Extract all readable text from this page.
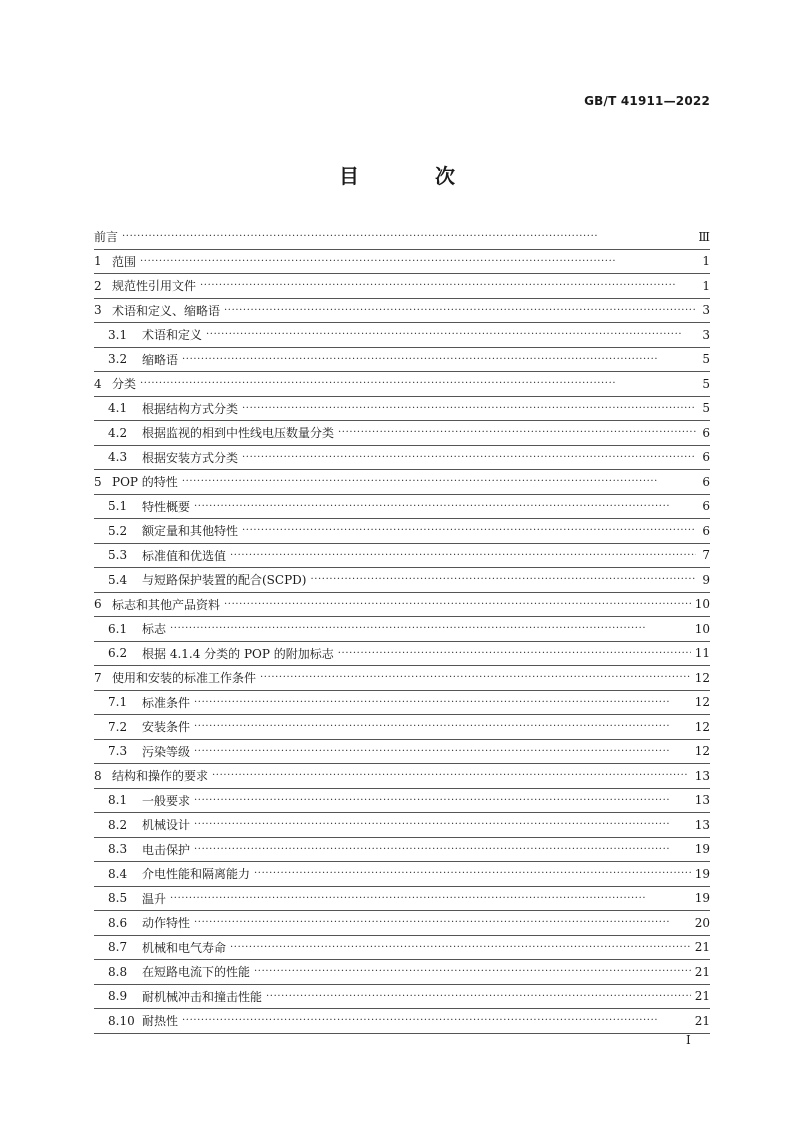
GB/T 41911—2022
目　次
前言 ·····	Ⅲ
1 范围 ·····	1
2 规范性引用文件 ·····	1
3 术语和定义、缩略语 ·····	3
3.1	术语和定义 ·····	3
3.2	缩略语 ·····	5
4 分类 ·····	5
4.1	根据结构方式分类 ·····	5
4.2	根据监视的相到中性线电压数量分类 ·····	6
4.3	根据安装方式分类 ·····	6
5 POP 的特性 ·····	6
5.1	特性概要 ·····	6
5.2	额定量和其他特性 ·····	6
5.3	标准值和优选值 ·····	7
5.4	与短路保护装置的配合(SCPD) ·····	9
6 标志和其他产品资料 ·····	10
6.1	标志 ·····	10
6.2	根据 4.1.4 分类的 POP 的附加标志 ·····	11
7 使用和安装的标准工作条件 ·····	12
7.1	标准条件 ·····	12
7.2	安装条件 ·····	12
7.3	污染等级 ·····	12
8 结构和操作的要求 ·····	13
8.1	一般要求 ·····	13
8.2	机械设计 ·····	13
8.3	电击保护 ·····	19
8.4	介电性能和隔离能力 ·····	19
8.5	温升 ·····	19
8.6	动作特性 ·····	20
8.7	机械和电气寿命 ·····	21
8.8	在短路电流下的性能 ·····	21
8.9	耐机械冲击和撞击性能 ·····	21
8.10 耐热性 ·····	21
I
